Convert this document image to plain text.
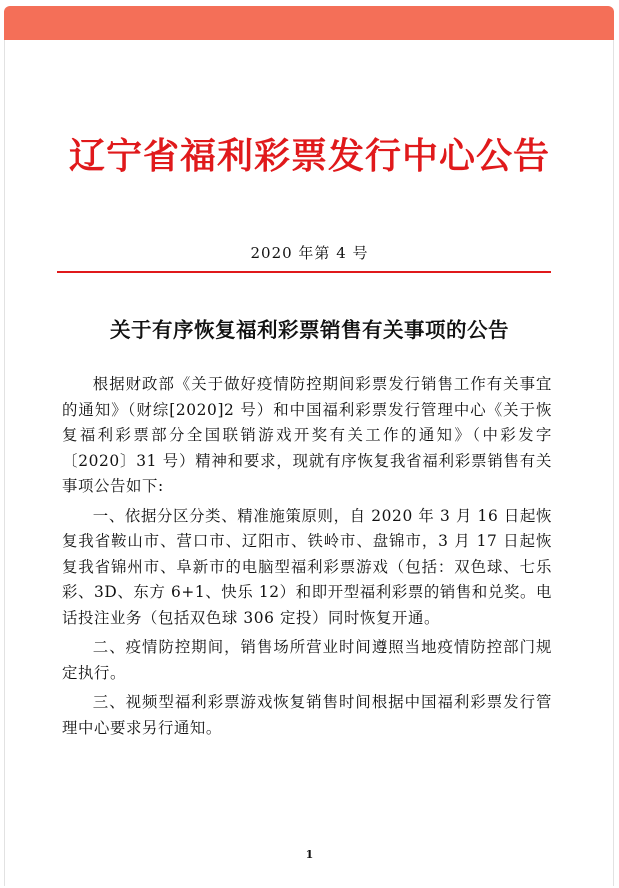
辽宁省福利彩票发行中心公告
2020 年第 4 号
关于有序恢复福利彩票销售有关事项的公告

根据财政部《关于做好疫情防控期间彩票发行销售工作有关事宜的通知》（财综[2020]2 号）和中国福利彩票发行管理中心《关于恢复福利彩票部分全国联销游戏开奖有关工作的通知》（中彩发字〔2020〕31 号）精神和要求，现就有序恢复我省福利彩票销售有关事项公告如下:

一、依据分区分类、精准施策原则，自 2020 年 3 月 16 日起恢复我省鞍山市、营口市、辽阳市、铁岭市、盘锦市，3 月 17 日起恢复我省锦州市、阜新市的电脑型福利彩票游戏（包括：双色球、七乐彩、3D、东方 6+1、快乐 12）和即开型福利彩票的销售和兑奖。电话投注业务（包括双色球 306 定投）同时恢复开通。

二、疫情防控期间，销售场所营业时间遵照当地疫情防控部门规定执行。

三、视频型福利彩票游戏恢复销售时间根据中国福利彩票发行管理中心要求另行通知。

1
